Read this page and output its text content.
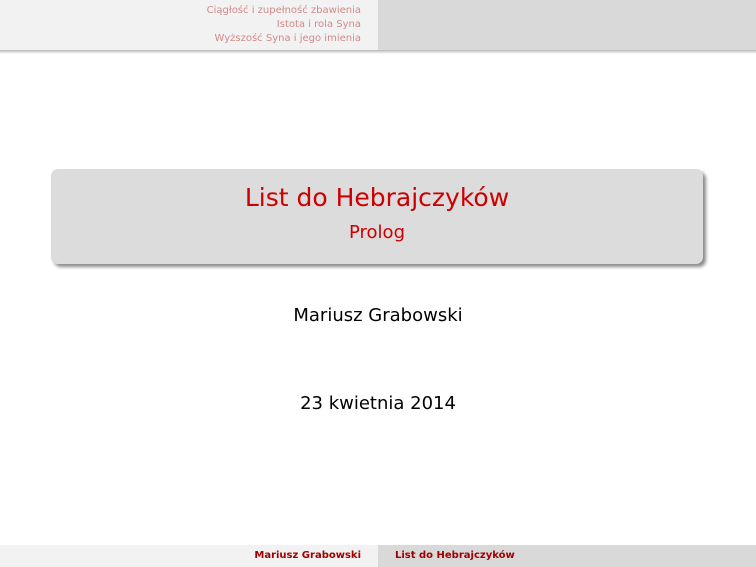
Ciągłość i zupełność zbawienia
Istota i rola Syna
Wyższość Syna i jego imienia
List do Hebrajczyków
Prolog
Mariusz Grabowski
23 kwietnia 2014
Mariusz Grabowski	List do Hebrajczyków
